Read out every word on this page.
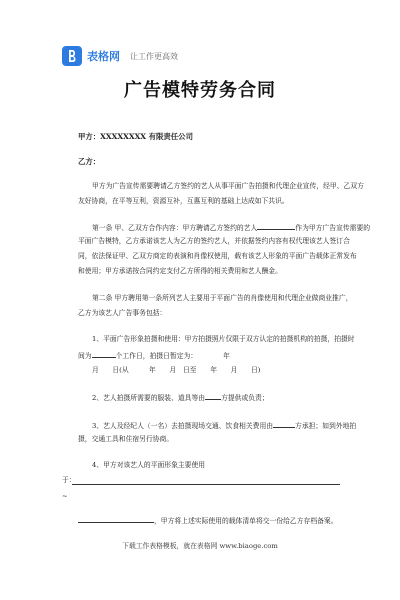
表格网 让工作更高效
广告模特劳务合同
甲方：XXXXXXXX 有限责任公司
乙方：
甲方为广告宣传需要聘请乙方签约的艺人从事平面广告拍摄和代理企业宣传，经甲、乙双方
友好协商，在平等互利，资源互补，互惠互利的基础上达成如下共识。
第一条 甲、乙双方合作内容：甲方聘请乙方签约的艺人	作为甲方广告宣传需要的
平面广告模特，乙方承诺该艺人为乙方的签约艺人，并依据签约内容有权代理该艺人签订合
同，依法保证甲、乙双方商定的表演和肖像权使用，载有该艺人形象的平面广告载体正常发布
和使用；甲方承诺按合同约定支付乙方所得的相关费用和艺人酬金。
第二条 甲方聘用第一条所列艺人主要用于平面广告的肖像使用和代理企业做商业推广，
乙方为该艺人广告事务包括：
1、平面广告形象拍摄和使用：甲方拍摄照片仅限于双方认定的拍摄机构的拍摄，拍摄时
间为	个工作日，拍摄日暂定为：	年
月　　日(从　　　年　　月　日至　　年　　月　　日)
2、艺人拍摄所需要的服装、道具等由 方提供或负责；
3、艺人及经纪人（一名）去拍摄现场交通、饮食相关费用由	方承担；如到外地拍
摄，交通工具和住宿另行协商。
4、甲方对该艺人的平面形象主要使用
于：
~
，甲方将上述实际使用的载体清单将交一份给乙方存档备案。
下载工作表格模板，就在表格网 www.biaoge.com
